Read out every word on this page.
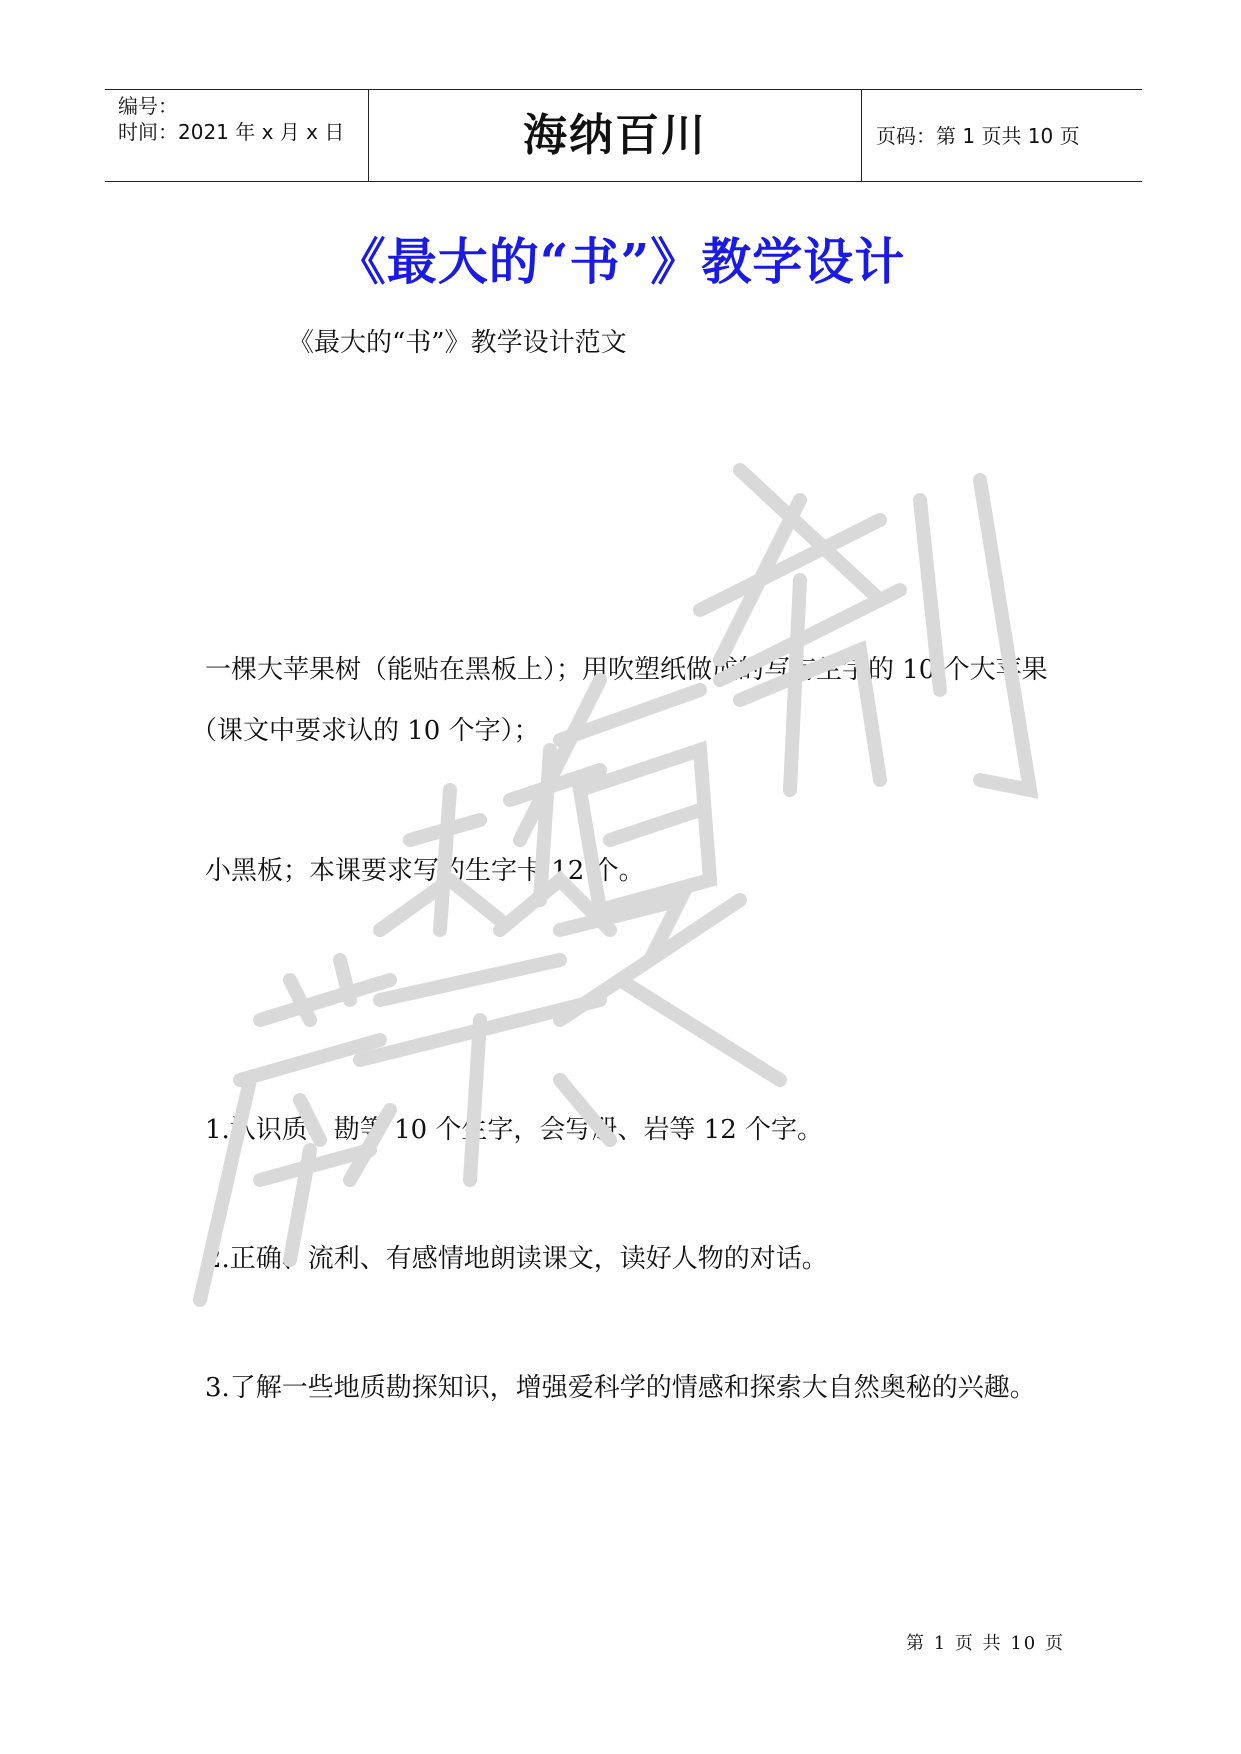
编号：
时间：2021 年 x 月 x 日	海纳百川	页码：第 1 页共 10 页
《最大的“书”》教学设计
《最大的“书”》教学设计范文

一棵大苹果树（能贴在黑板上）；用吹塑纸做成的写有生字的 10 个大苹果（课文中要求认的 10 个字）；

小黑板；本课要求写的生字卡 12 个。

1.认识质、勘等 10 个生字，会写册、岩等 12 个字。

2.正确、流利、有感情地朗读课文，读好人物的对话。

3.了解一些地质勘探知识，增强爱科学的情感和探索大自然奥秘的兴趣。

第 1 页 共 10 页
严禁复制
